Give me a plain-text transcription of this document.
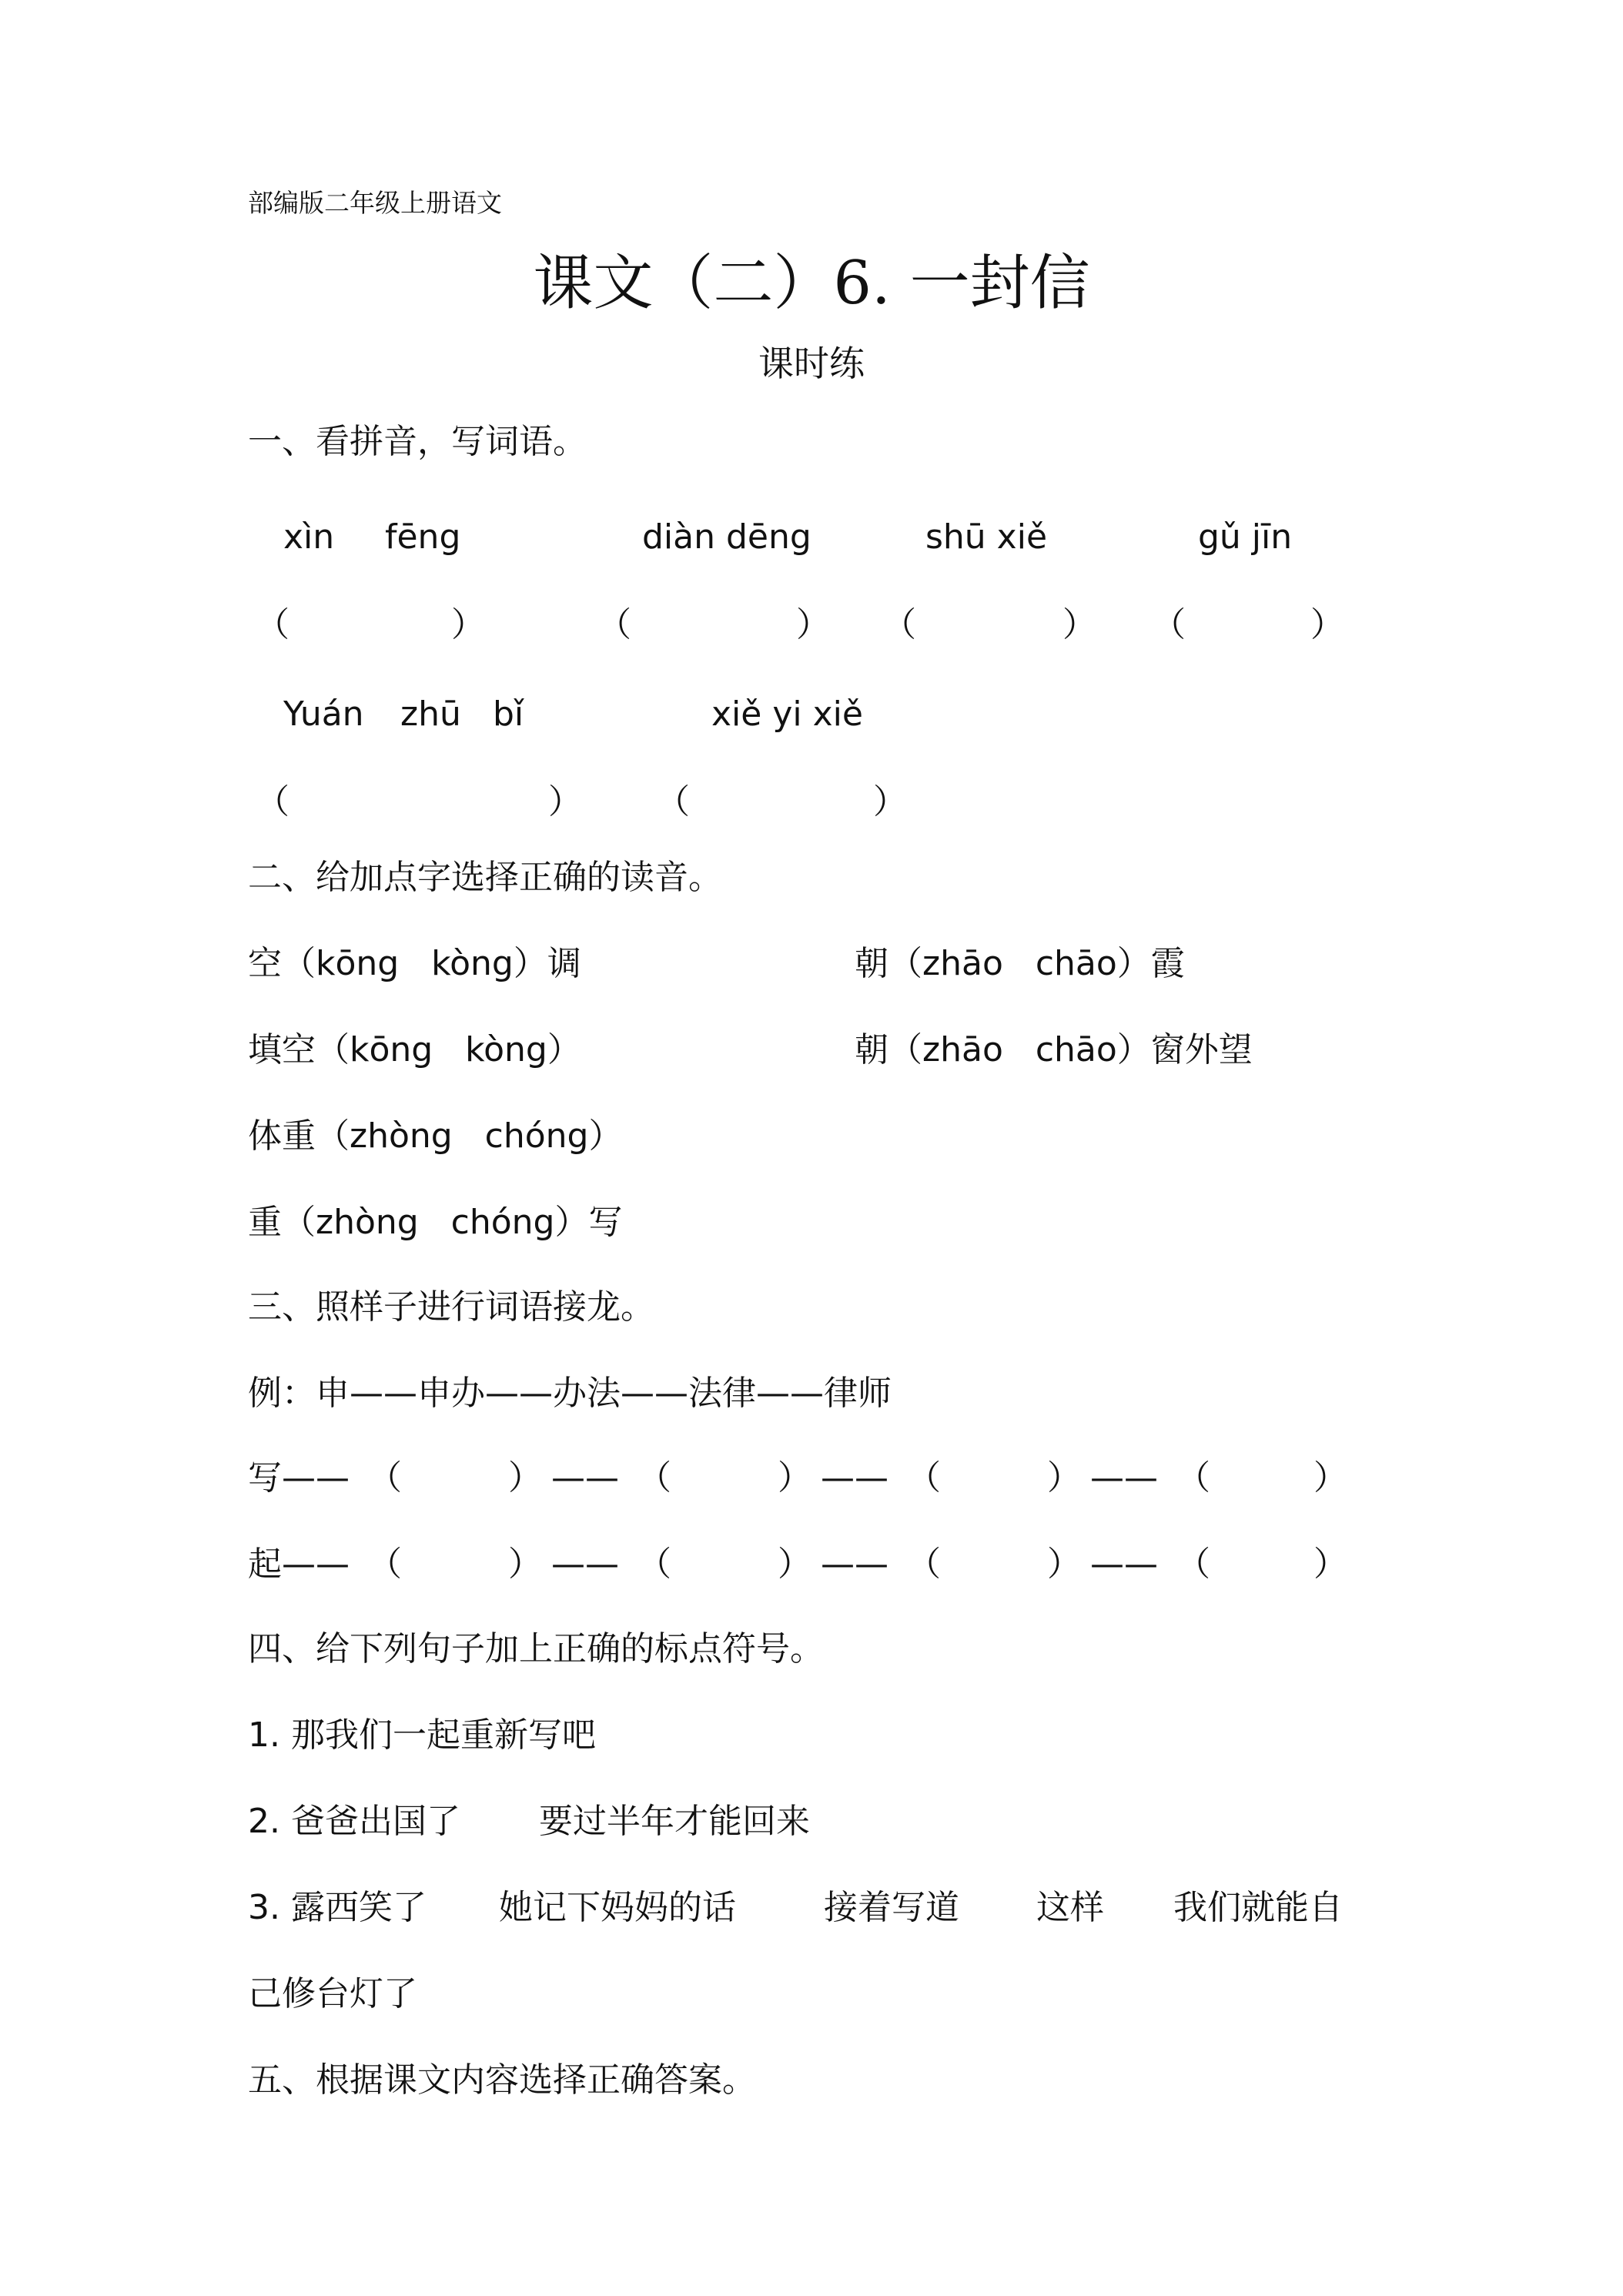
部编版二年级上册语文
课文（二）6. 一封信
课时练
一、看拼音，写词语。
xìn fēng	diàn dēng	shū xiě	gǔ jīn
（	）	（	） （	） （	）
Yuán zhū bǐ	xiě yi xiě
（	） （	）
二、给加点字选择正确的读音。
空（kōng   kòng）调	朝（zhāo   chāo）霞
填空（kōng   kòng）	朝（zhāo   chāo）窗外望
体重（zhòng   chóng）
重（zhòng   chóng）写
三、照样子进行词语接龙。
例：申——申办——办法——法律——律师
写 —— （	） —— （	） —— （	） —— （	）
起 —— （	） —— （	） —— （	） —— （	）
四、给下列句子加上正确的标点符号。
1. 那我们一起重新写吧
2. 爸爸出国了 要过半年才能回来
3. 露西笑了 她记下妈妈的话	接着写道 这样 我们就能自
己修台灯了
五、根据课文内容选择正确答案。
